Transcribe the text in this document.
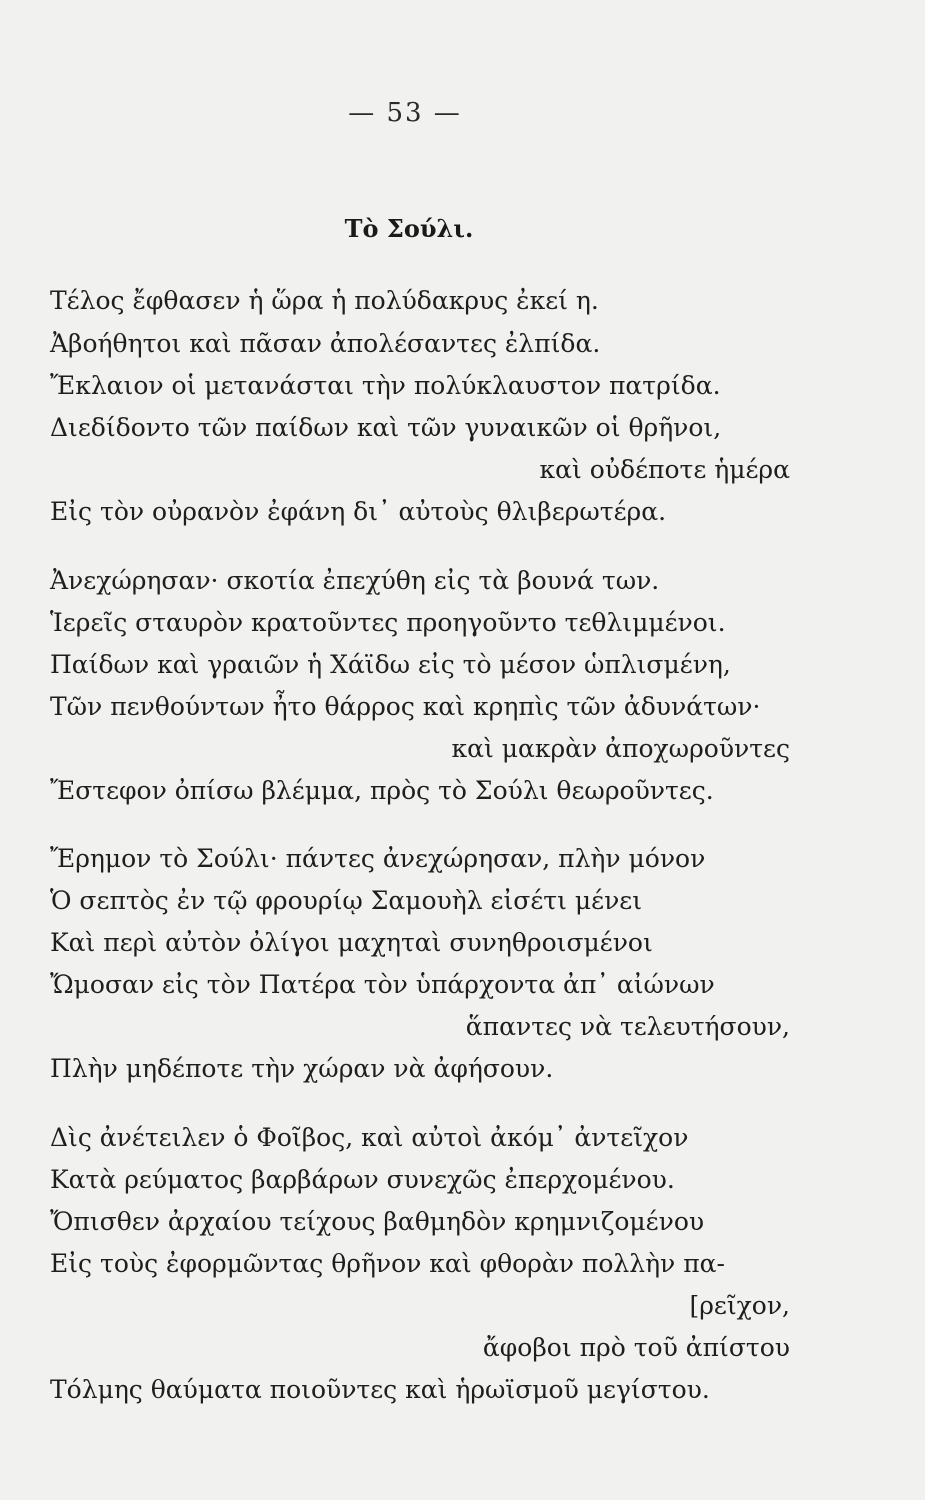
— 53 —
Τὸ Σούλι.
Τέλος ἔφθασεν ἡ ὥρα ἡ πολύδακρυς ἐκεί η.
Ἀβοήθητοι καὶ πᾶσαν ἀπολέσαντες ἐλπίδα.
Ἔκλαιον οἱ μετανάσται τὴν πολύκλαυστον πατρίδα.
Διεδίδοντο τῶν παίδων καὶ τῶν γυναικῶν οἱ θρῆνοι,
καὶ οὐδέποτε ἡμέρα
Εἰς τὸν οὐρανὸν ἐφάνη δι᾿ αὐτοὺς θλιβερωτέρα.
Ἀνεχώρησαν· σκοτία ἐπεχύθη εἰς τὰ βουνά των.
Ἱερεῖς σταυρὸν κρατοῦντες προηγοῦντο τεθλιμμένοι.
Παίδων καὶ γραιῶν ἡ Χάϊδω εἰς τὸ μέσον ὡπλισμένη,
Τῶν πενθούντων ἦτο θάρρος καὶ κρηπὶς τῶν ἀδυνάτων·
καὶ μακρὰν ἀποχωροῦντες
Ἔστεφον ὀπίσω βλέμμα, πρὸς τὸ Σούλι θεωροῦντες.
Ἔρημον τὸ Σούλι· πάντες ἀνεχώρησαν, πλὴν μόνον
Ὁ σεπτὸς ἐν τῷ φρουρίῳ Σαμουὴλ εἰσέτι μένει
Καὶ περὶ αὐτὸν ὀλίγοι μαχηταὶ συνηθροισμένοι
Ὤμοσαν εἰς τὸν Πατέρα τὸν ὑπάρχοντα ἀπ᾿ αἰώνων
ἅπαντες νὰ τελευτήσουν,
Πλὴν μηδέποτε τὴν χώραν νὰ ἀφήσουν.
Δὶς ἀνέτειλεν ὁ Φοῖβος, καὶ αὐτοὶ ἀκόμ᾿ ἀντεῖχον
Κατὰ ρεύματος βαρβάρων συνεχῶς ἐπερχομένου.
Ὄπισθεν ἀρχαίου τείχους βαθμηδὸν κρημνιζομένου
Εἰς τοὺς ἐφορμῶντας θρῆνον καὶ φθορὰν πολλὴν πα-
[ρεῖχον,
ἄφοβοι πρὸ τοῦ ἀπίστου
Τόλμης θαύματα ποιοῦντες καὶ ἡρωϊσμοῦ μεγίστου.
